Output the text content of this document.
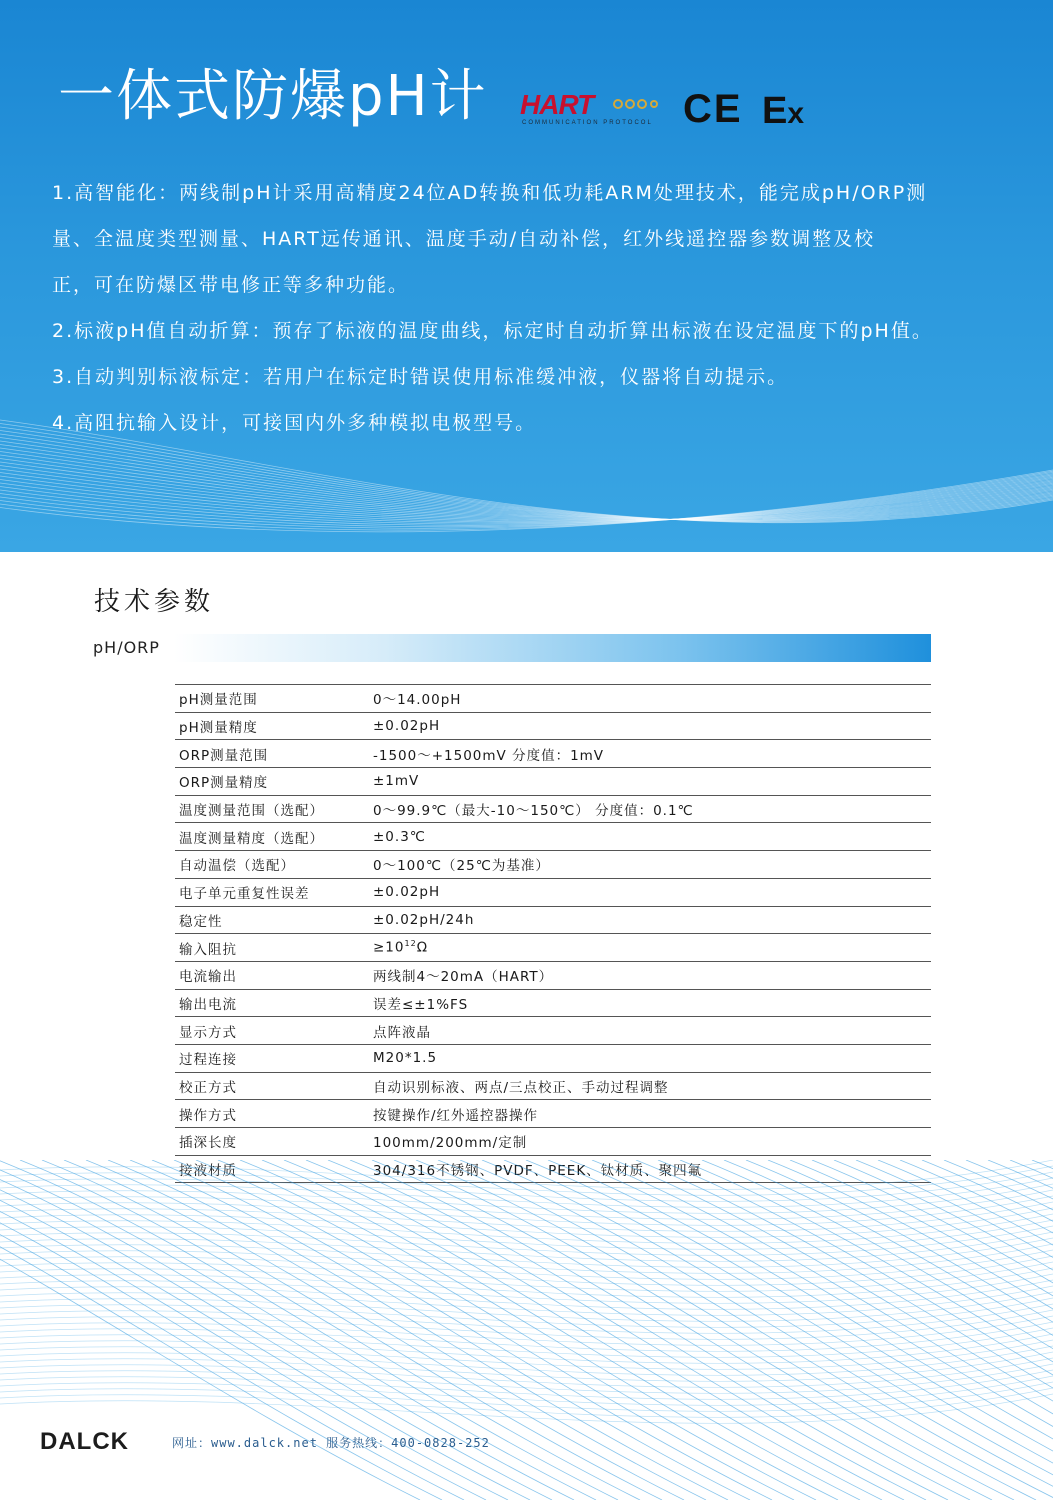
一体式防爆pH计 HART
COMMUNICATION PROTOCOL CE Ex

1.高智能化：两线制pH计采用高精度24位AD转换和低功耗ARM处理技术，能完成pH/ORP测

量、全温度类型测量、HART远传通讯、温度手动/自动补偿，红外线遥控器参数调整及校

正，可在防爆区带电修正等多种功能。

2.标液pH值自动折算：预存了标液的温度曲线，标定时自动折算出标液在设定温度下的pH值。

3.自动判别标液标定：若用户在标定时错误使用标准缓冲液，仪器将自动提示。

4.高阻抗输入设计，可接国内外多种模拟电极型号。

技术参数
pH/ORP
pH测量范围	0～14.00pH
pH测量精度	±0.02pH
ORP测量范围	-1500～+1500mV 分度值：1mV
ORP测量精度	±1mV
温度测量范围（选配）	0～99.9℃（最大-10～150℃） 分度值：0.1℃
温度测量精度（选配）	±0.3℃
自动温偿（选配）	0～100℃（25℃为基准）
电子单元重复性误差	±0.02pH
稳定性	±0.02pH/24h
输入阻抗	$\ge 10^{12}\Omega$
电流输出	两线制4～20mA（HART）
输出电流	误差≤±1%FS
显示方式	点阵液晶
过程连接	M20*1.5
校正方式	自动识别标液、两点/三点校正、手动过程调整
操作方式	按键操作/红外遥控器操作
插深长度	100mm/200mm/定制
接液材质	304/316不锈钢、PVDF、PEEK、钛材质、聚四氟
DALCK	网址：www.dalck.net 服务热线：400-0828-252
